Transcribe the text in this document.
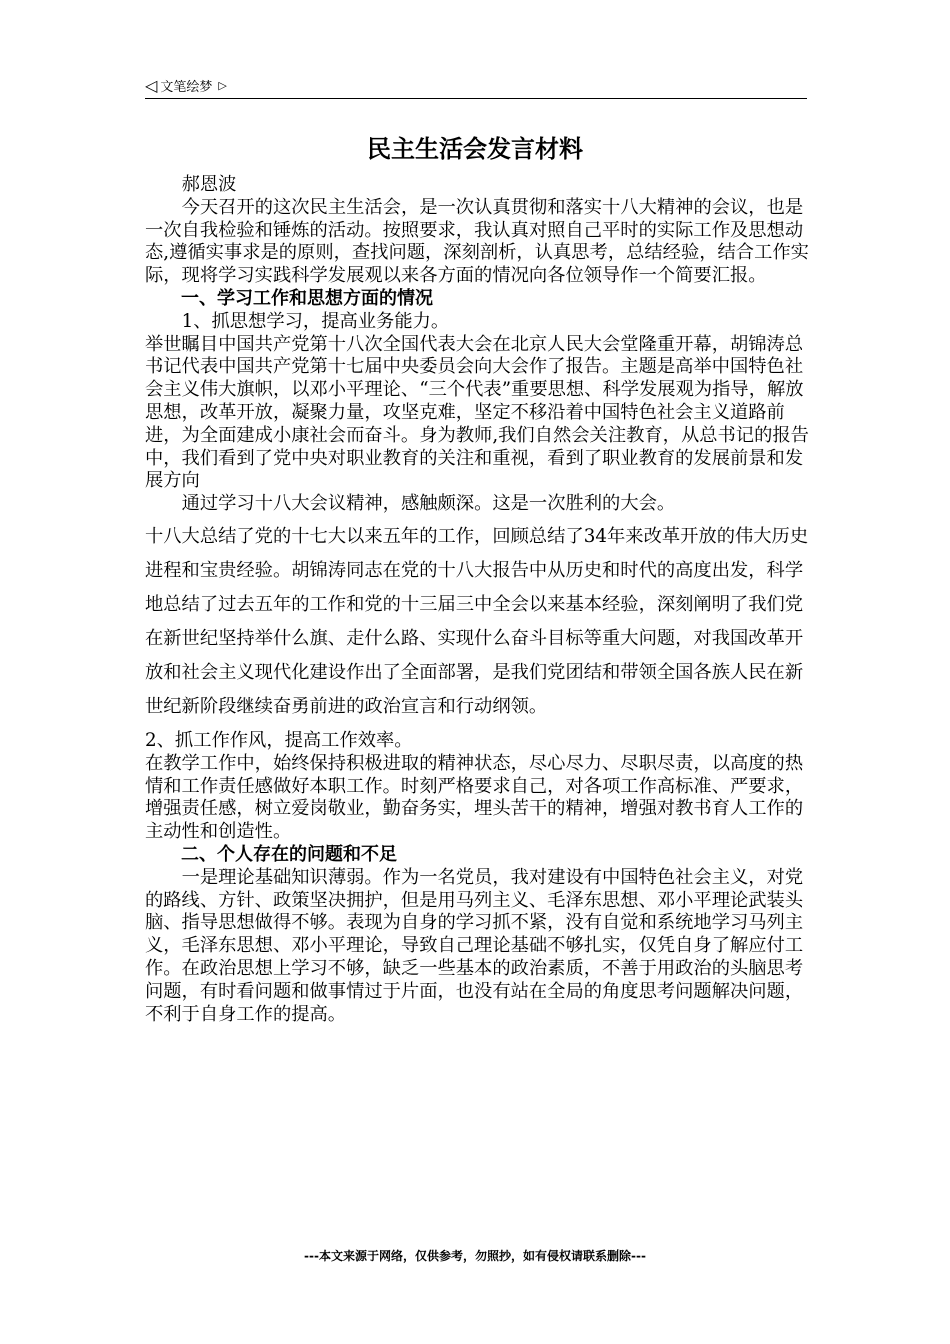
◁ 文笔绘梦 ▷
民主生活会发言材料

郝恩波

今天召开的这次民主生活会，是一次认真贯彻和落实十八大精神的会议，也是一次自我检验和锤炼的活动。按照要求，我认真对照自己平时的实际工作及思想动态,遵循实事求是的原则，查找问题，深刻剖析，认真思考，总结经验，结合工作实际，现将学习实践科学发展观以来各方面的情况向各位领导作一个简要汇报。

一、学习工作和思想方面的情况

1、抓思想学习，提高业务能力。

举世瞩目中国共产党第十八次全国代表大会在北京人民大会堂隆重开幕，胡锦涛总书记代表中国共产党第十七届中央委员会向大会作了报告。主题是高举中国特色社会主义伟大旗帜，以邓小平理论、“三个代表”重要思想、科学发展观为指导，解放思想，改革开放，凝聚力量，攻坚克难，坚定不移沿着中国特色社会主义道路前进，为全面建成小康社会而奋斗。身为教师,我们自然会关注教育，从总书记的报告中，我们看到了党中央对职业教育的关注和重视，看到了职业教育的发展前景和发展方向

通过学习十八大会议精神，感触颇深。这是一次胜利的大会。

十八大总结了党的十七大以来五年的工作，回顾总结了34年来改革开放的伟大历史进程和宝贵经验。胡锦涛同志在党的十八大报告中从历史和时代的高度出发，科学地总结了过去五年的工作和党的十三届三中全会以来基本经验，深刻阐明了我们党在新世纪坚持举什么旗、走什么路、实现什么奋斗目标等重大问题，对我国改革开放和社会主义现代化建设作出了全面部署，是我们党团结和带领全国各族人民在新世纪新阶段继续奋勇前进的政治宣言和行动纲领。

2、抓工作作风，提高工作效率。

在教学工作中，始终保持积极进取的精神状态，尽心尽力、尽职尽责，以高度的热情和工作责任感做好本职工作。时刻严格要求自己，对各项工作高标准、严要求，增强责任感，树立爱岗敬业，勤奋务实，埋头苦干的精神，增强对教书育人工作的主动性和创造性。

二、个人存在的问题和不足

一是理论基础知识薄弱。作为一名党员，我对建设有中国特色社会主义，对党的路线、方针、政策坚决拥护，但是用马列主义、毛泽东思想、邓小平理论武装头脑、指导思想做得不够。表现为自身的学习抓不紧，没有自觉和系统地学习马列主义，毛泽东思想、邓小平理论，导致自己理论基础不够扎实，仅凭自身了解应付工作。在政治思想上学习不够，缺乏一些基本的政治素质，不善于用政治的头脑思考问题，有时看问题和做事情过于片面，也没有站在全局的角度思考问题解决问题，不利于自身工作的提高。

---本文来源于网络，仅供参考，勿照抄，如有侵权请联系删除---
